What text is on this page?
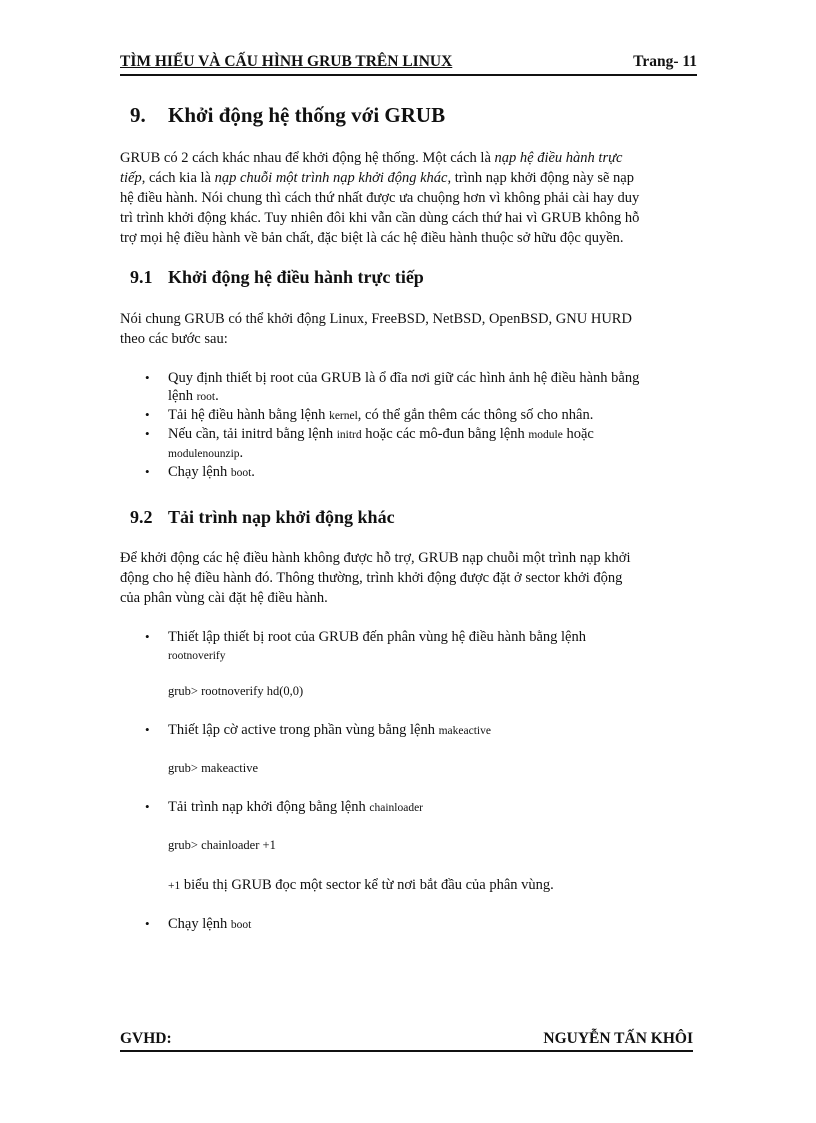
TÌM HIỂU VÀ CẤU HÌNH GRUB TRÊN LINUX	Trang- 11
9. Khởi động hệ thống với GRUB
GRUB có 2 cách khác nhau để khởi động hệ thống. Một cách là nạp hệ điều hành trực
tiếp, cách kia là nạp chuỗi một trình nạp khởi động khác, trình nạp khởi động này sẽ nạp
hệ điều hành. Nói chung thì cách thứ nhất được ưa chuộng hơn vì không phải cài hay duy
trì trình khởi động khác. Tuy nhiên đôi khi vẫn cần dùng cách thứ hai vì GRUB không hỗ
trợ mọi hệ điều hành về bản chất, đặc biệt là các hệ điều hành thuộc sở hữu độc quyền.
9.1 Khởi động hệ điều hành trực tiếp
Nói chung GRUB có thể khởi động Linux, FreeBSD, NetBSD, OpenBSD, GNU HURD
theo các bước sau:
• Quy định thiết bị root của GRUB là ổ đĩa nơi giữ các hình ảnh hệ điều hành bằng
lệnh root.
• Tải hệ điều hành bằng lệnh kernel, có thể gắn thêm các thông số cho nhân.
• Nếu cần, tải initrd bằng lệnh initrd hoặc các mô-đun bằng lệnh module hoặc
modulenounzip.
• Chạy lệnh boot.
9.2 Tải trình nạp khởi động khác
Để khởi động các hệ điều hành không được hỗ trợ, GRUB nạp chuỗi một trình nạp khởi
động cho hệ điều hành đó. Thông thường, trình khởi động được đặt ở sector khởi động
của phân vùng cài đặt hệ điều hành.
• Thiết lập thiết bị root của GRUB đến phân vùng hệ điều hành bằng lệnh
rootnoverify
grub> rootnoverify hd(0,0)
• Thiết lập cờ active trong phần vùng bằng lệnh makeactive
grub> makeactive
• Tải trình nạp khởi động bằng lệnh chainloader
grub> chainloader +1
+1 biểu thị GRUB đọc một sector kể từ nơi bắt đầu của phân vùng.
• Chạy lệnh boot
GVHD:	NGUYỄN TẤN KHÔI
